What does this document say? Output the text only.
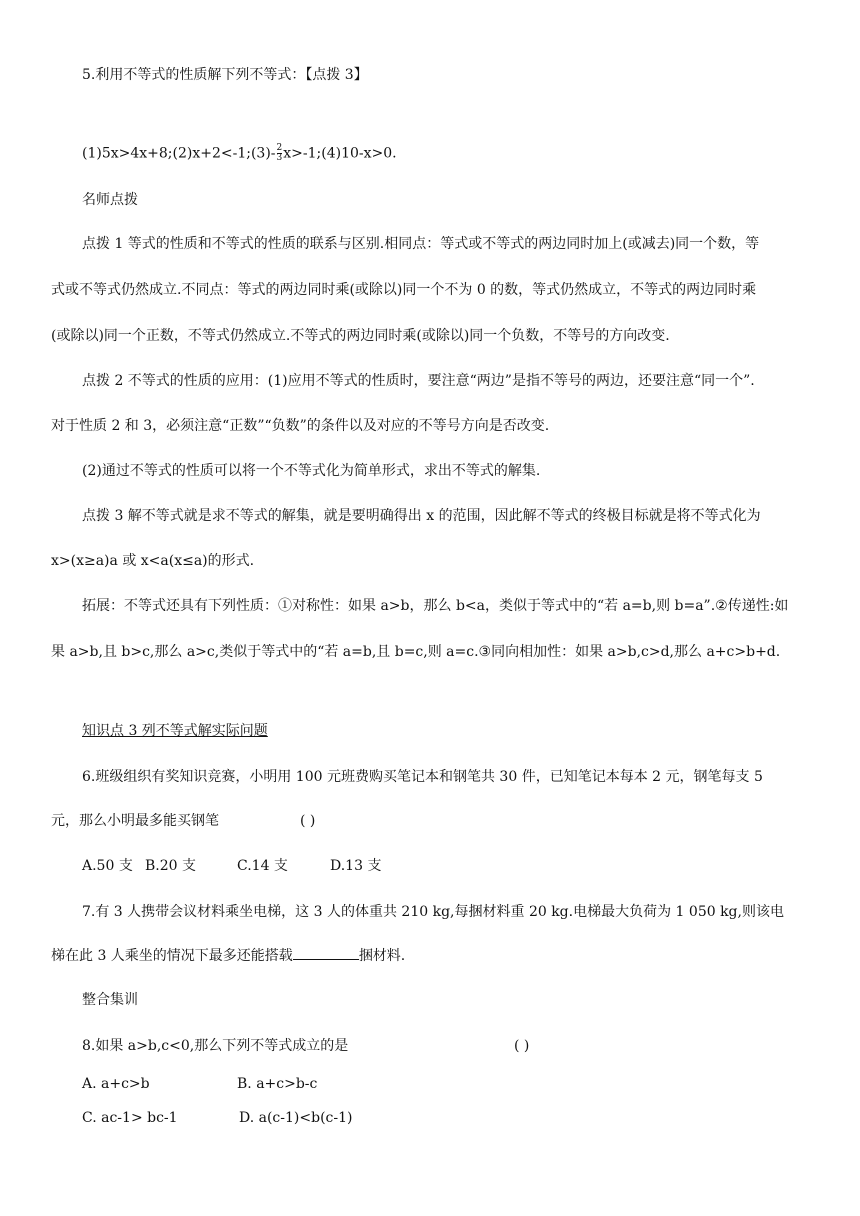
5.利用不等式的性质解下列不等式：【点拨 3】
(1)5x>4x+8;(2)x+2<-1;(3)- $\frac{2}{3}$ x>-1;(4)10-x>0.
名师点拨
点拨 1 等式的性质和不等式的性质的联系与区别.相同点：等式或不等式的两边同时加上(或减去)同一个数，等
式或不等式仍然成立.不同点：等式的两边同时乘(或除以)同一个不为 0 的数，等式仍然成立，不等式的两边同时乘
(或除以)同一个正数，不等式仍然成立.不等式的两边同时乘(或除以)同一个负数，不等号的方向改变.
点拨 2 不等式的性质的应用：(1)应用不等式的性质时，要注意“两边”是指不等号的两边，还要注意“同一个”.
对于性质 2 和 3，必须注意“正数”“负数”的条件以及对应的不等号方向是否改变.
(2)通过不等式的性质可以将一个不等式化为简单形式，求出不等式的解集.
点拨 3 解不等式就是求不等式的解集，就是要明确得出 x 的范围，因此解不等式的终极目标就是将不等式化为
x>(x≥a)a 或 x<a(x≤a)的形式.
拓展：不等式还具有下列性质：①对称性：如果 a>b，那么 b<a，类似于等式中的“若 a=b,则 b=a”.②传递性:如
果 a>b,且 b>c,那么 a>c,类似于等式中的“若 a=b,且 b=c,则 a=c.③同向相加性：如果 a>b,c>d,那么 a+c>b+d.
知识点 3 列不等式解实际问题
6.班级组织有奖知识竞赛，小明用 100 元班费购买笔记本和钢笔共 30 件，已知笔记本每本 2 元，钢笔每支 5
元，那么小明最多能买钢笔	( )
A.50 支 B.20 支	C.14 支	D.13 支
7.有 3 人携带会议材料乘坐电梯，这 3 人的体重共 210 kg,每捆材料重 20 kg.电梯最大负荷为 1 050 kg,则该电
梯在此 3 人乘坐的情况下最多还能搭载	捆材料.
整合集训
8.如果 a>b,c<0,那么下列不等式成立的是	( )
A. a+c>b	B. a+c>b-c
C. ac-1> bc-1	D. a(c-1)<b(c-1)
